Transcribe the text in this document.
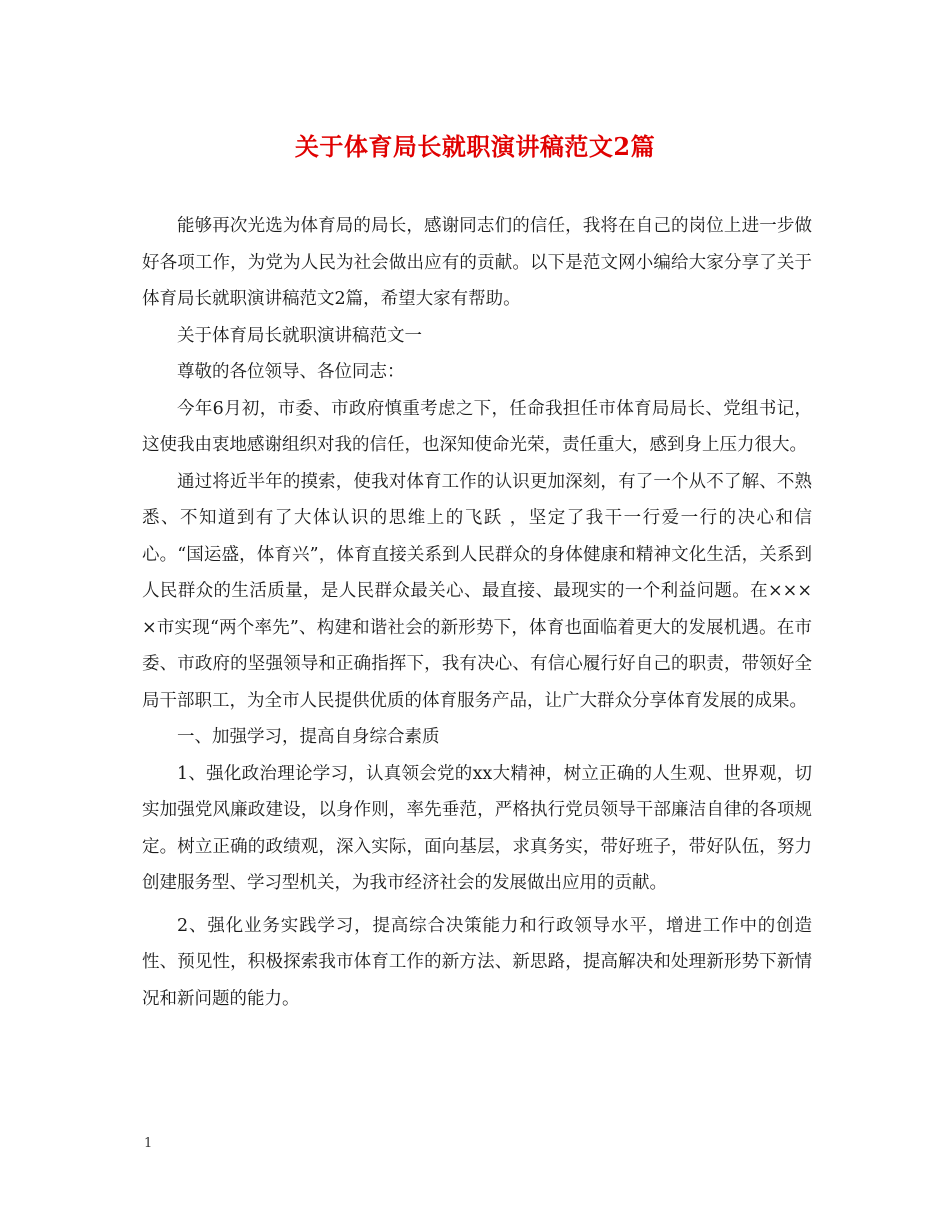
关于体育局长就职演讲稿范文2篇

能够再次光选为体育局的局长，感谢同志们的信任，我将在自己的岗位上进一步做好各项工作，为党为人民为社会做出应有的贡献。以下是范文网小编给大家分享了关于体育局长就职演讲稿范文2篇，希望大家有帮助。

关于体育局长就职演讲稿范文一

尊敬的各位领导、各位同志：

今年6月初，市委、市政府慎重考虑之下，任命我担任市体育局局长、党组书记，这使我由衷地感谢组织对我的信任，也深知使命光荣，责任重大，感到身上压力很大。

通过将近半年的摸索，使我对体育工作的认识更加深刻，有了一个从不了解、不熟悉、不知道到有了大体认识的思维上的飞跃 ，坚定了我干一行爱一行的决心和信心。“国运盛，体育兴”，体育直接关系到人民群众的身体健康和精神文化生活，关系到人民群众的生活质量，是人民群众最关心、最直接、最现实的一个利益问题。在××××市实现“两个率先”、构建和谐社会的新形势下，体育也面临着更大的发展机遇。在市委、市政府的坚强领导和正确指挥下，我有决心、有信心履行好自己的职责，带领好全局干部职工，为全市人民提供优质的体育服务产品，让广大群众分享体育发展的成果。

一、加强学习，提高自身综合素质

1、强化政治理论学习，认真领会党的xx大精神，树立正确的人生观、世界观，切实加强党风廉政建设，以身作则，率先垂范，严格执行党员领导干部廉洁自律的各项规定。树立正确的政绩观，深入实际，面向基层，求真务实，带好班子，带好队伍，努力创建服务型、学习型机关，为我市经济社会的发展做出应用的贡献。

2、强化业务实践学习，提高综合决策能力和行政领导水平，增进工作中的创造性、预见性，积极探索我市体育工作的新方法、新思路，提高解决和处理新形势下新情况和新问题的能力。

1
